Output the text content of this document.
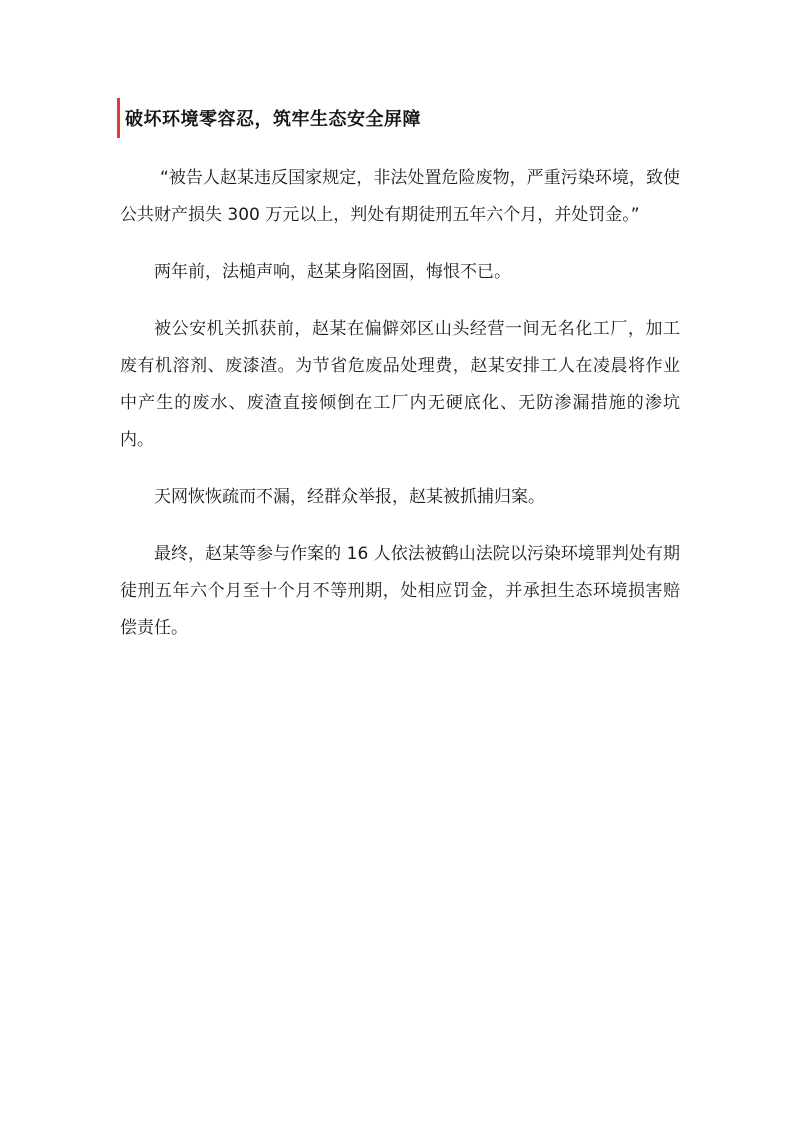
破坏环境零容忍，筑牢生态安全屏障

“被告人赵某违反国家规定，非法处置危险废物，严重污染环境，致使公共财产损失 300 万元以上，判处有期徒刑五年六个月，并处罚金。”

两年前，法槌声响，赵某身陷囹圄，悔恨不已。

被公安机关抓获前，赵某在偏僻郊区山头经营一间无名化工厂，加工废有机溶剂、废漆渣。为节省危废品处理费，赵某安排工人在凌晨将作业中产生的废水、废渣直接倾倒在工厂内无硬底化、无防渗漏措施的渗坑内。

天网恢恢疏而不漏，经群众举报，赵某被抓捕归案。

最终，赵某等参与作案的 16 人依法被鹤山法院以污染环境罪判处有期徒刑五年六个月至十个月不等刑期，处相应罚金，并承担生态环境损害赔偿责任。
